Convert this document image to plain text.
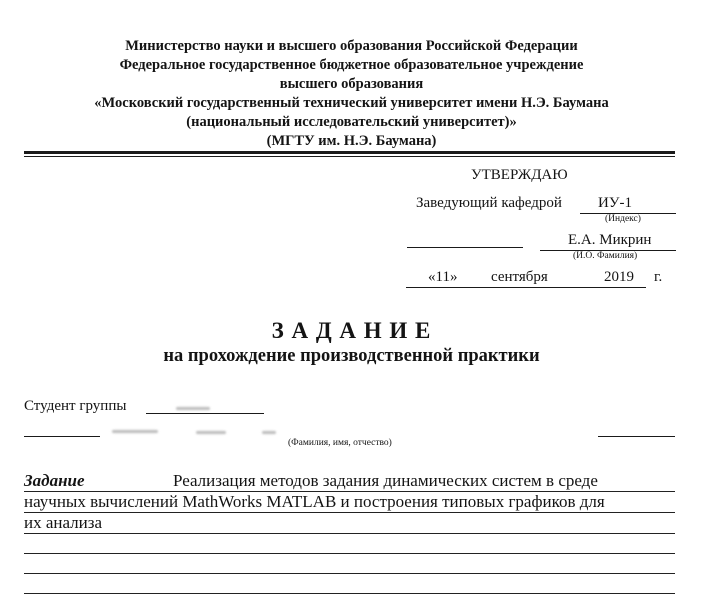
Министерство науки и высшего образования Российской Федерации
Федеральное государственное бюджетное образовательное учреждение
высшего образования
«Московский государственный технический университет имени Н.Э. Баумана
(национальный исследовательский университет)»
(МГТУ им. Н.Э. Баумана)
УТВЕРЖДАЮ
Заведующий кафедрой ИУ-1
(Индекс)
Е.А. Микрин
(И.О. Фамилия)
«11» сентября	2019 г.
З А Д А Н И Е
на прохождение производственной практики
Студент группы
(Фамилия, имя, отчество)
Задание	Реализация методов задания динамических систем в среде
научных вычислений MathWorks MATLAB и построения типовых графиков для
их анализа
